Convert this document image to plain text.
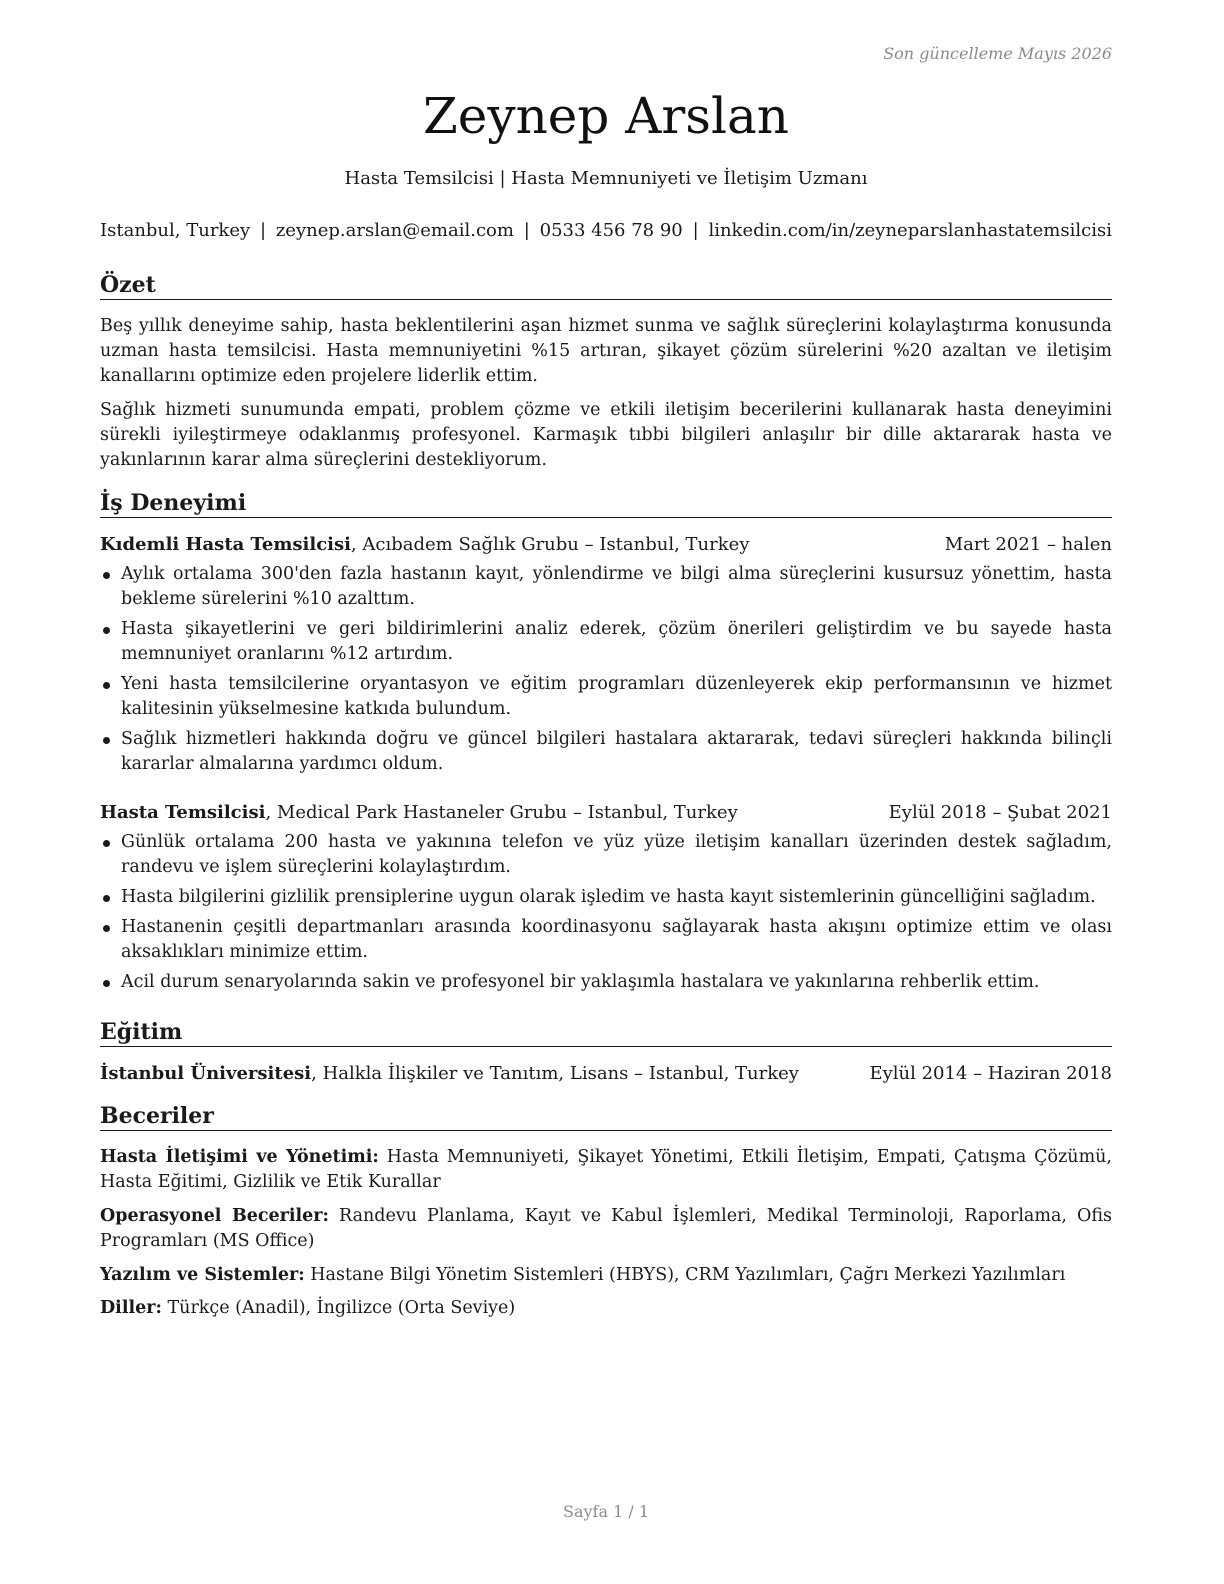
Son güncelleme Mayıs 2026
Zeynep Arslan
Hasta Temsilcisi | Hasta Memnuniyeti ve İletişim Uzmanı
Istanbul, Turkey | zeynep.arslan@email.com | 0533 456 78 90 | linkedin.com/in/zeyneparslanhastatemsilcisi
Özet
Beş yıllık deneyime sahip, hasta beklentilerini aşan hizmet sunma ve sağlık süreçlerini kolaylaştırma konusunda uzman hasta temsilcisi. Hasta memnuniyetini %15 artıran, şikayet çözüm sürelerini %20 azaltan ve iletişim kanallarını optimize eden projelere liderlik ettim.
Sağlık hizmeti sunumunda empati, problem çözme ve etkili iletişim becerilerini kullanarak hasta deneyimini sürekli iyileştirmeye odaklanmış profesyonel. Karmaşık tıbbi bilgileri anlaşılır bir dille aktararak hasta ve yakınlarının karar alma süreçlerini destekliyorum.
İş Deneyimi
Kıdemli Hasta Temsilcisi, Acıbadem Sağlık Grubu – Istanbul, Turkey	Mart 2021 – halen
Aylık ortalama 300'den fazla hastanın kayıt, yönlendirme ve bilgi alma süreçlerini kusursuz yönettim, hasta bekleme sürelerini %10 azalttım.
Hasta şikayetlerini ve geri bildirimlerini analiz ederek, çözüm önerileri geliştirdim ve bu sayede hasta memnuniyet oranlarını %12 artırdım.
Yeni hasta temsilcilerine oryantasyon ve eğitim programları düzenleyerek ekip performansının ve hizmet kalitesinin yükselmesine katkıda bulundum.
Sağlık hizmetleri hakkında doğru ve güncel bilgileri hastalara aktararak, tedavi süreçleri hakkında bilinçli kararlar almalarına yardımcı oldum.
Hasta Temsilcisi, Medical Park Hastaneler Grubu – Istanbul, Turkey	Eylül 2018 – Şubat 2021
Günlük ortalama 200 hasta ve yakınına telefon ve yüz yüze iletişim kanalları üzerinden destek sağladım, randevu ve işlem süreçlerini kolaylaştırdım.
Hasta bilgilerini gizlilik prensiplerine uygun olarak işledim ve hasta kayıt sistemlerinin güncelliğini sağladım.
Hastanenin çeşitli departmanları arasında koordinasyonu sağlayarak hasta akışını optimize ettim ve olası aksaklıkları minimize ettim.
Acil durum senaryolarında sakin ve profesyonel bir yaklaşımla hastalara ve yakınlarına rehberlik ettim.
Eğitim
İstanbul Üniversitesi, Halkla İlişkiler ve Tanıtım, Lisans – Istanbul, Turkey	Eylül 2014 – Haziran 2018
Beceriler
Hasta İletişimi ve Yönetimi: Hasta Memnuniyeti, Şikayet Yönetimi, Etkili İletişim, Empati, Çatışma Çözümü, Hasta Eğitimi, Gizlilik ve Etik Kurallar
Operasyonel Beceriler: Randevu Planlama, Kayıt ve Kabul İşlemleri, Medikal Terminoloji, Raporlama, Ofis Programları (MS Office)
Yazılım ve Sistemler: Hastane Bilgi Yönetim Sistemleri (HBYS), CRM Yazılımları, Çağrı Merkezi Yazılımları
Diller: Türkçe (Anadil), İngilizce (Orta Seviye)
Sayfa 1 / 1
